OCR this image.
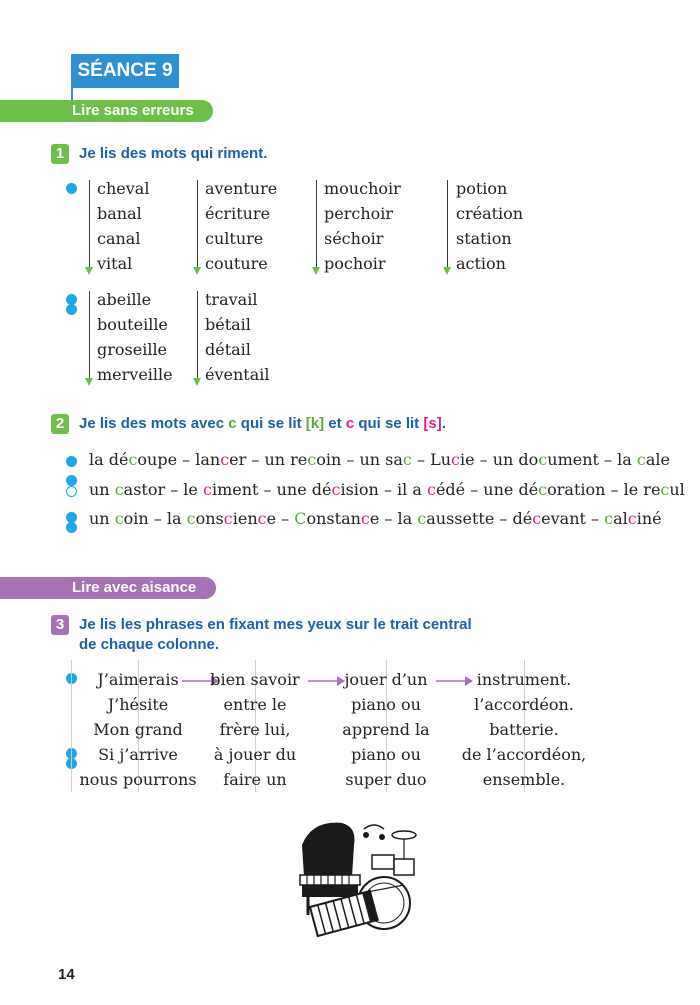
SÉANCE 9
Lire sans erreurs
1 Je lis des mots qui riment.
cheval
banal
canal
vital
aventure
écriture
culture
couture
mouchoir
perchoir
séchoir
pochoir
potion
création
station
action
abeille
bouteille
groseille
merveille
travail
bétail
détail
éventail
2 Je lis des mots avec c qui se lit [k] et c qui se lit [s].
la découpe – lancer – un recoin – un sac – Lucie – un document – la cale
un castor – le ciment – une décision – il a cédé – une décoration – le recul
un coin – la conscience – Constance – la caussette – décevant – calciné
Lire avec aisance
3 Je lis les phrases en fixant mes yeux sur le trait central
de chaque colonne.
J’aimerais
J’hésite
Mon grand
Si j’arrive
nous pourrons
bien savoir
entre le
frère lui,
à jouer du
faire un
jouer d’un
piano ou
apprend la
piano ou
super duo
instrument.
l’accordéon.
batterie.
de l’accordéon,
ensemble.
14
